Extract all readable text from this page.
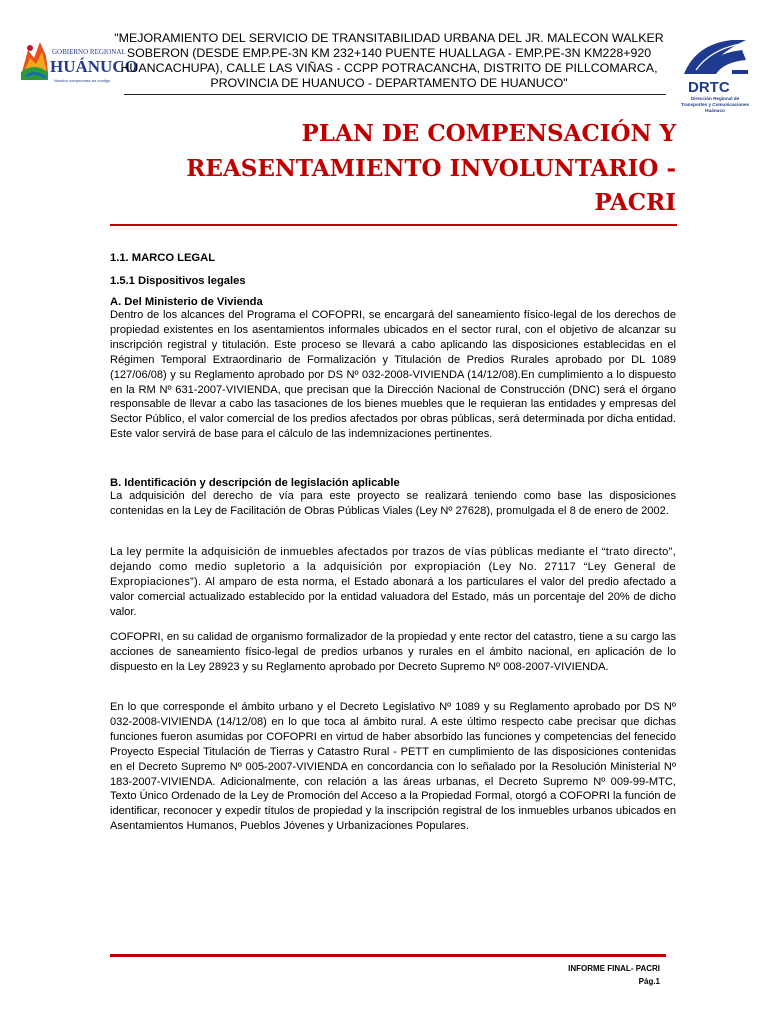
GOBIERNO REGIONAL
HUÁNUCO
Nuestro compromiso es contigo

"MEJORAMIENTO DEL SERVICIO DE TRANSITABILIDAD URBANA DEL JR. MALECON WALKER SOBERON (DESDE EMP.PE-3N KM 232+140 PUENTE HUALLAGA - EMP.PE-3N KM228+920 HUANCACHUPA), CALLE LAS VIÑAS - CCPP POTRACANCHA, DISTRITO DE PILLCOMARCA, PROVINCIA DE HUANUCO - DEPARTAMENTO DE HUANUCO"	DRTC
Dirección Regional de
Transportes y Comunicaciones
Huánuco
PLAN DE COMPENSACIÓN Y
REASENTAMIENTO INVOLUNTARIO -
PACRI

1.1. MARCO LEGAL

1.5.1 Dispositivos legales

A. Del Ministerio de Vivienda

Dentro de los alcances del Programa el COFOPRI, se encargará del saneamiento físico-legal de los derechos de propiedad existentes en los asentamientos informales ubicados en el sector rural, con el objetivo de alcanzar su inscripción registral y titulación. Este proceso se llevará a cabo aplicando las disposiciones establecidas en el Régimen Temporal Extraordinario de Formalización y Titulación de Predios Rurales aprobado por DL 1089 (127/06/08) y su Reglamento aprobado por DS Nº 032-2008-VIVIENDA (14/12/08).En cumplimiento a lo dispuesto en la RM Nº 631-2007-VIVIENDA, que precisan que la Dirección Nacional de Construcción (DNC) será el órgano responsable de llevar a cabo las tasaciones de los bienes muebles que le requieran las entidades y empresas del Sector Público, el valor comercial de los predios afectados por obras públicas, será determinada por dicha entidad. Este valor servirá de base para el cálculo de las indemnizaciones pertinentes.

B. Identificación y descripción de legislación aplicable

La adquisición del derecho de vía para este proyecto se realizará teniendo como base las disposiciones contenidas en la Ley de Facilitación de Obras Públicas Viales (Ley Nº 27628), promulgada el 8 de enero de 2002.

La ley permite la adquisición de inmuebles afectados por trazos de vías públicas mediante el “trato directo”, dejando como medio supletorio a la adquisición por expropiación (Ley No. 27117 “Ley General de Expropiaciones”). Al amparo de esta norma, el Estado abonará a los particulares el valor del predio afectado a valor comercial actualizado establecido por la entidad valuadora del Estado, más un porcentaje del 20% de dicho valor.

COFOPRI, en su calidad de organismo formalizador de la propiedad y ente rector del catastro, tiene a su cargo las acciones de saneamiento físico-legal de predios urbanos y rurales en el ámbito nacional, en aplicación de lo dispuesto en la Ley 28923 y su Reglamento aprobado por Decreto Supremo Nº 008-2007-VIVIENDA.

En lo que corresponde el ámbito urbano y el Decreto Legislativo Nº 1089 y su Reglamento aprobado por DS Nº 032-2008-VIVIENDA (14/12/08) en lo que toca al ámbito rural. A este último respecto cabe precisar que dichas funciones fueron asumidas por COFOPRI en virtud de haber absorbido las funciones y competencias del fenecido Proyecto Especial Titulación de Tierras y Catastro Rural - PETT en cumplimiento de las disposiciones contenidas en el Decreto Supremo Nº 005-2007-VIVIENDA en concordancia con lo señalado por la Resolución Ministerial Nº 183-2007-VIVIENDA. Adicionalmente, con relación a las áreas urbanas, el Decreto Supremo Nº 009-99-MTC, Texto Único Ordenado de la Ley de Promoción del Acceso a la Propiedad Formal, otorgó a COFOPRI la función de identificar, reconocer y expedir títulos de propiedad y la inscripción registral de los inmuebles urbanos ubicados en Asentamientos Humanos, Pueblos Jóvenes y Urbanizaciones Populares.

INFORME FINAL- PACRI
Pág.1
